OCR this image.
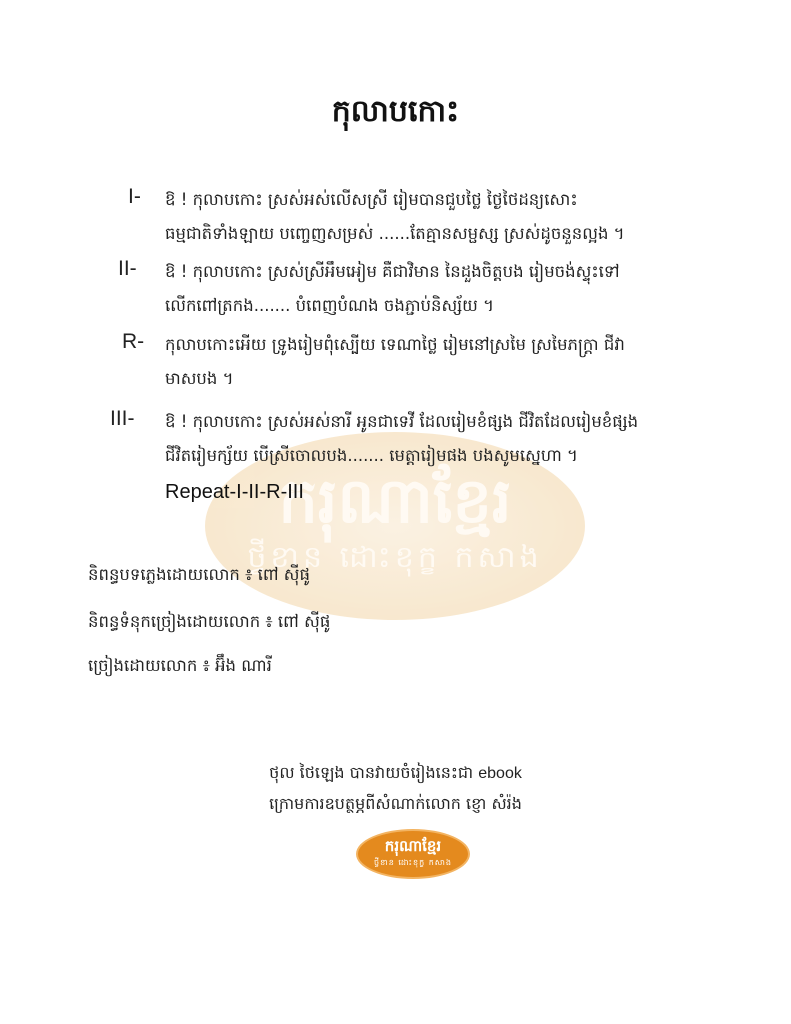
ករុណាខ្មែរ
ថ្វីខាន ដោះខុក្ខ កសាង
កុលាបកោះ
I- ឱ ! កុលាបកោះ ស្រស់អស់លើសស្រី រៀមបានជួបថ្លៃ ថ្ងៃថៃដន្យសោះ
ធម្មជាតិទាំងឡាយ បញ្ចេញសម្រស់ ......តែគ្មានសម្ផស្ស ស្រស់ដូចនួនល្អង ។
II- ឱ ! កុលាបកោះ ស្រស់ស្រីអឹមអៀម គឺជាវិមាន នៃដួងចិត្តបង រៀមចង់ស្ទុះទៅ
លើកពៅត្រកង....... បំពេញបំណង ចងភ្ជាប់និស្ស័យ ។
R- កុលាបកោះអើយ ទ្រូងរៀមពុំស្បើយ ទេណាថ្លៃ រៀមនៅស្រមៃ ស្រមៃភក្ត្រា ជីវា
មាសបង ។
III- ឱ ! កុលាបកោះ ស្រស់អស់នារី អូនជាទេវី ដែលរៀមខំផ្សង ជីវិតដែលរៀមខំផ្សង
ជីវិតរៀមក្ស័យ បើស្រីចោលបង....... មេត្តារៀមផង បងសូមស្នេហា ។
Repeat-I-II-R-III
និពន្ធបទភ្លេងដោយលោក ៖ ពៅ ស៊ីផូ
និពន្ធទំនុកច្រៀងដោយលោក ៖ ពៅ ស៊ីផូ
ច្រៀងដោយលោក ៖ អ៊ឹង ណារី
ថុល ថៃឡេង បានវាយចំរៀងនេះជា ebook
ក្រោមការឧបត្ថម្ភពីសំណាក់លោក ខ្ញោ សំរ៉ង
ករុណាខ្មែរ
ថ្វីខាន ដោះខុក្ខ កសាង
